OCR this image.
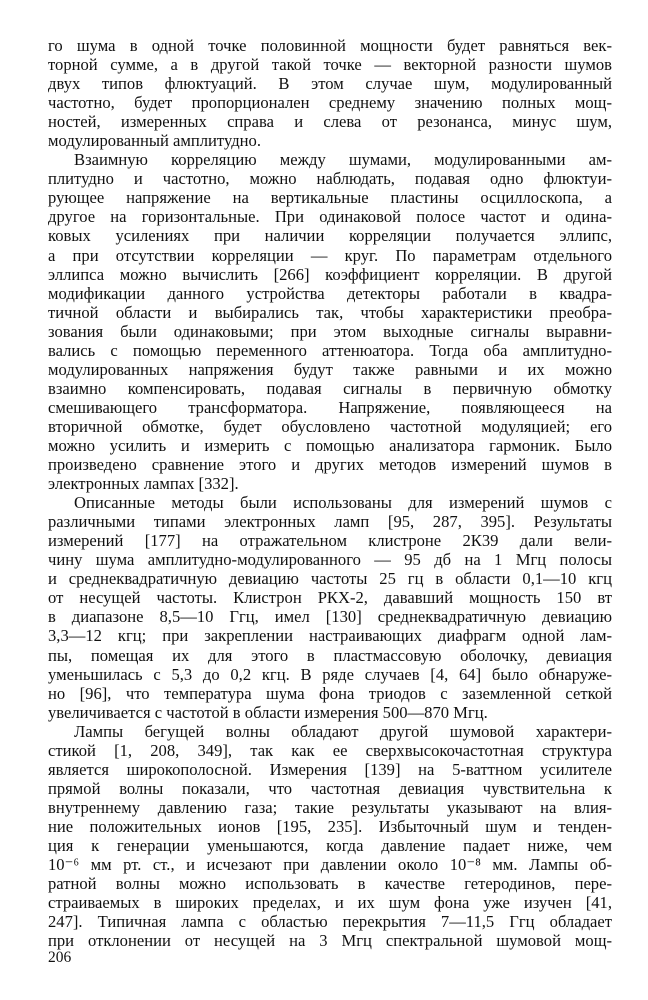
го шума в одной точке половинной мощности будет равняться век-
торной сумме, а в другой такой точке — векторной разности шумов
двух типов флюктуаций. В этом случае шум, модулированный
частотно, будет пропорционален среднему значению полных мощ-
ностей, измеренных справа и слева от резонанса, минус шум,
модулированный амплитудно.
Взаимную корреляцию между шумами, модулированными ам-
плитудно и частотно, можно наблюдать, подавая одно флюктуи-
рующее напряжение на вертикальные пластины осциллоскопа, а
другое на горизонтальные. При одинаковой полосе частот и одина-
ковых усилениях при наличии корреляции получается эллипс,
а при отсутствии корреляции — круг. По параметрам отдельного
эллипса можно вычислить [266] коэффициент корреляции. В другой
модификации данного устройства детекторы работали в квадра-
тичной области и выбирались так, чтобы характеристики преобра-
зования были одинаковыми; при этом выходные сигналы выравни-
вались с помощью переменного аттенюатора. Тогда оба амплитудно-
модулированных напряжения будут также равными и их можно
взаимно компенсировать, подавая сигналы в первичную обмотку
смешивающего трансформатора. Напряжение, появляющееся на
вторичной обмотке, будет обусловлено частотной модуляцией; его
можно усилить и измерить с помощью анализатора гармоник. Было
произведено сравнение этого и других методов измерений шумов в
электронных лампах [332].
Описанные методы были использованы для измерений шумов с
различными типами электронных ламп [95, 287, 395]. Результаты
измерений [177] на отражательном клистроне 2К39 дали вели-
чину шума амплитудно-модулированного — 95 дб на 1 Мгц полосы
и среднеквадратичную девиацию частоты 25 гц в области 0,1—10 кгц
от несущей частоты. Клистрон РКХ-2, дававший мощность 150 вт
в диапазоне 8,5—10 Ггц, имел [130] среднеквадратичную девиацию
3,3—12 кгц; при закреплении настраивающих диафрагм одной лам-
пы, помещая их для этого в пластмассовую оболочку, девиация
уменьшилась с 5,3 до 0,2 кгц. В ряде случаев [4, 64] было обнаруже-
но [96], что температура шума фона триодов с заземленной сеткой
увеличивается с частотой в области измерения 500—870 Мгц.
Лампы бегущей волны обладают другой шумовой характери-
стикой [1, 208, 349], так как ее сверхвысокочастотная структура
является широкополосной. Измерения [139] на 5-ваттном усилителе
прямой волны показали, что частотная девиация чувствительна к
внутреннему давлению газа; такие результаты указывают на влия-
ние положительных ионов [195, 235]. Избыточный шум и тенден-
ция к генерации уменьшаются, когда давление падает ниже, чем
10⁻⁶ мм рт. ст., и исчезают при давлении около 10⁻⁸ мм. Лампы об-
ратной волны можно использовать в качестве гетеродинов, пере-
страиваемых в широких пределах, и их шум фона уже изучен [41,
247]. Типичная лампа с областью перекрытия 7—11,5 Ггц обладает
при отклонении от несущей на 3 Мгц спектральной шумовой мощ-
206
